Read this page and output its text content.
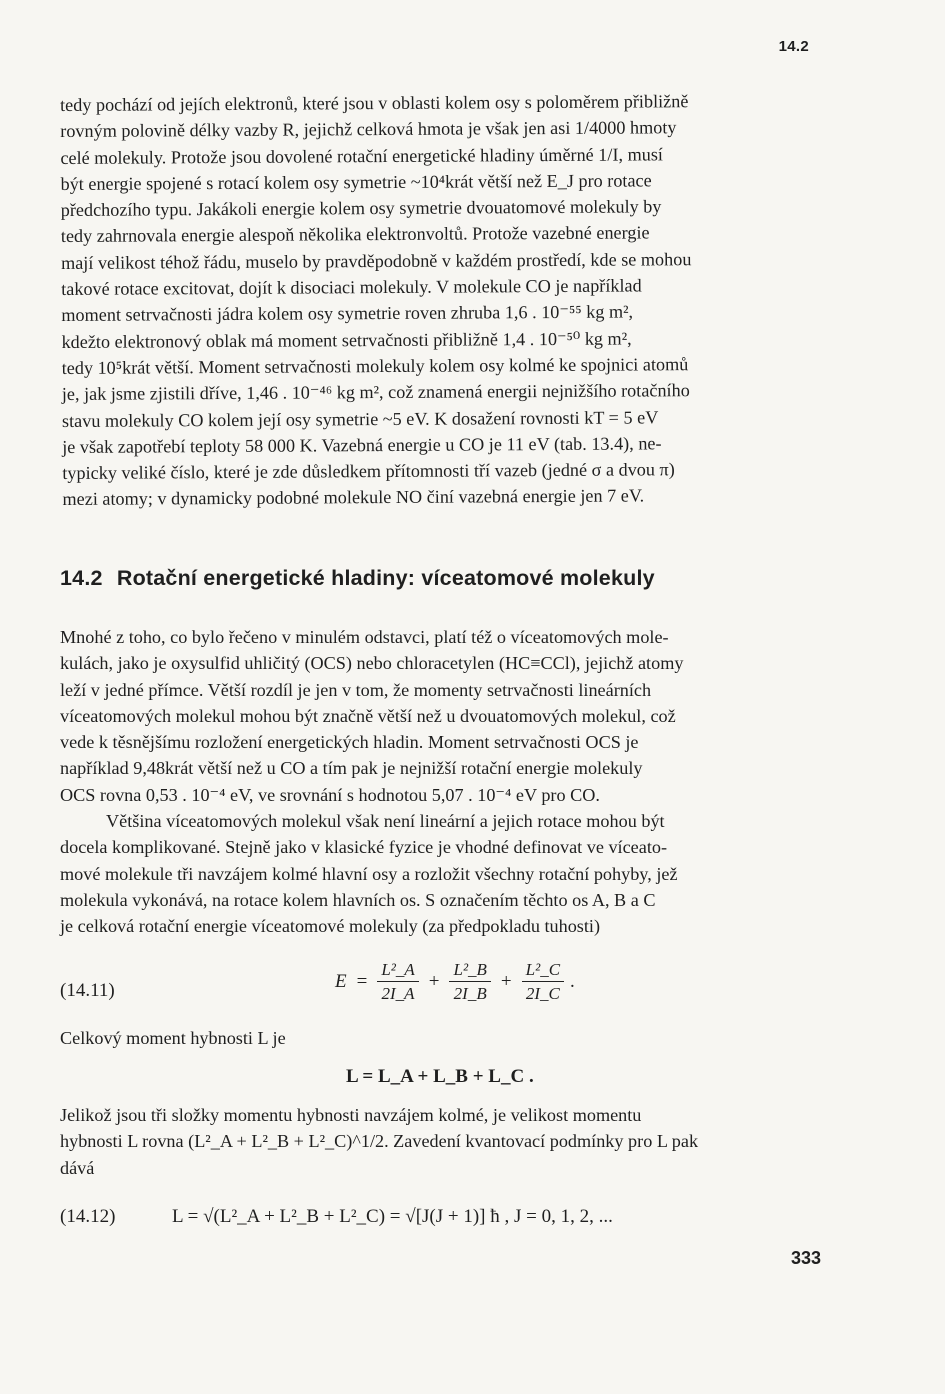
14.2
tedy pochází od jejích elektronů, které jsou v oblasti kolem osy s poloměrem přibližně
rovným polovině délky vazby R, jejichž celková hmota je však jen asi 1/4000 hmoty
celé molekuly. Protože jsou dovolené rotační energetické hladiny úměrné 1/I, musí
být energie spojené s rotací kolem osy symetrie ~10⁴krát větší než E_J pro rotace
předchozího typu. Jakákoli energie kolem osy symetrie dvouatomové molekuly by
tedy zahrnovala energie alespoň několika elektronvoltů. Protože vazebné energie
mají velikost téhož řádu, muselo by pravděpodobně v každém prostředí, kde se mohou
takové rotace excitovat, dojít k disociaci molekuly. V molekule CO je například
moment setrvačnosti jádra kolem osy symetrie roven zhruba 1,6 . 10⁻⁵⁵ kg m²,
kdežto elektronový oblak má moment setrvačnosti přibližně 1,4 . 10⁻⁵⁰ kg m²,
tedy 10⁵krát větší. Moment setrvačnosti molekuly kolem osy kolmé ke spojnici atomů
je, jak jsme zjistili dříve, 1,46 . 10⁻⁴⁶ kg m², což znamená energii nejnižšího rotačního
stavu molekuly CO kolem její osy symetrie ~5 eV. K dosažení rovnosti kT = 5 eV
je však zapotřebí teploty 58 000 K. Vazebná energie u CO je 11 eV (tab. 13.4), ne-
typicky veliké číslo, které je zde důsledkem přítomnosti tří vazeb (jedné σ a dvou π)
mezi atomy; v dynamicky podobné molekule NO činí vazebná energie jen 7 eV.
14.2 Rotační energetické hladiny: víceatomové molekuly
Mnohé z toho, co bylo řečeno v minulém odstavci, platí též o víceatomových mole-
kulách, jako je oxysulfid uhličitý (OCS) nebo chloracetylen (HC≡CCl), jejichž atomy
leží v jedné přímce. Větší rozdíl je jen v tom, že momenty setrvačnosti lineárních
víceatomových molekul mohou být značně větší než u dvouatomových molekul, což
vede k těsnějšímu rozložení energetických hladin. Moment setrvačnosti OCS je
například 9,48krát větší než u CO a tím pak je nejnižší rotační energie molekuly
OCS rovna 0,53 . 10⁻⁴ eV, ve srovnání s hodnotou 5,07 . 10⁻⁴ eV pro CO.
Většina víceatomových molekul však není lineární a jejich rotace mohou být
docela komplikované. Stejně jako v klasické fyzice je vhodné definovat ve víceato-
mové molekule tři navzájem kolmé hlavní osy a rozložit všechny rotační pohyby, jež
molekula vykonává, na rotace kolem hlavních os. S označením těchto os A, B a C
je celková rotační energie víceatomové molekuly (za předpokladu tuhosti)
(14.11)	$E = \frac{\text{L²\_A}}{2I\_A} + \frac{\text{L²\_B}}{2I\_B} + \frac{\text{L²\_C}}{2I\_C}$ .
Celkový moment hybnosti L je
L = L_A + L_B + L_C .
Jelikož jsou tři složky momentu hybnosti navzájem kolmé, je velikost momentu
hybnosti L rovna (L²_A + L²_B + L²_C)^1/2. Zavedení kvantovací podmínky pro L pak
dává
(14.12)	L = √(L²_A + L²_B + L²_C) = √[J(J + 1)] ħ , J = 0, 1, 2, ...
333
